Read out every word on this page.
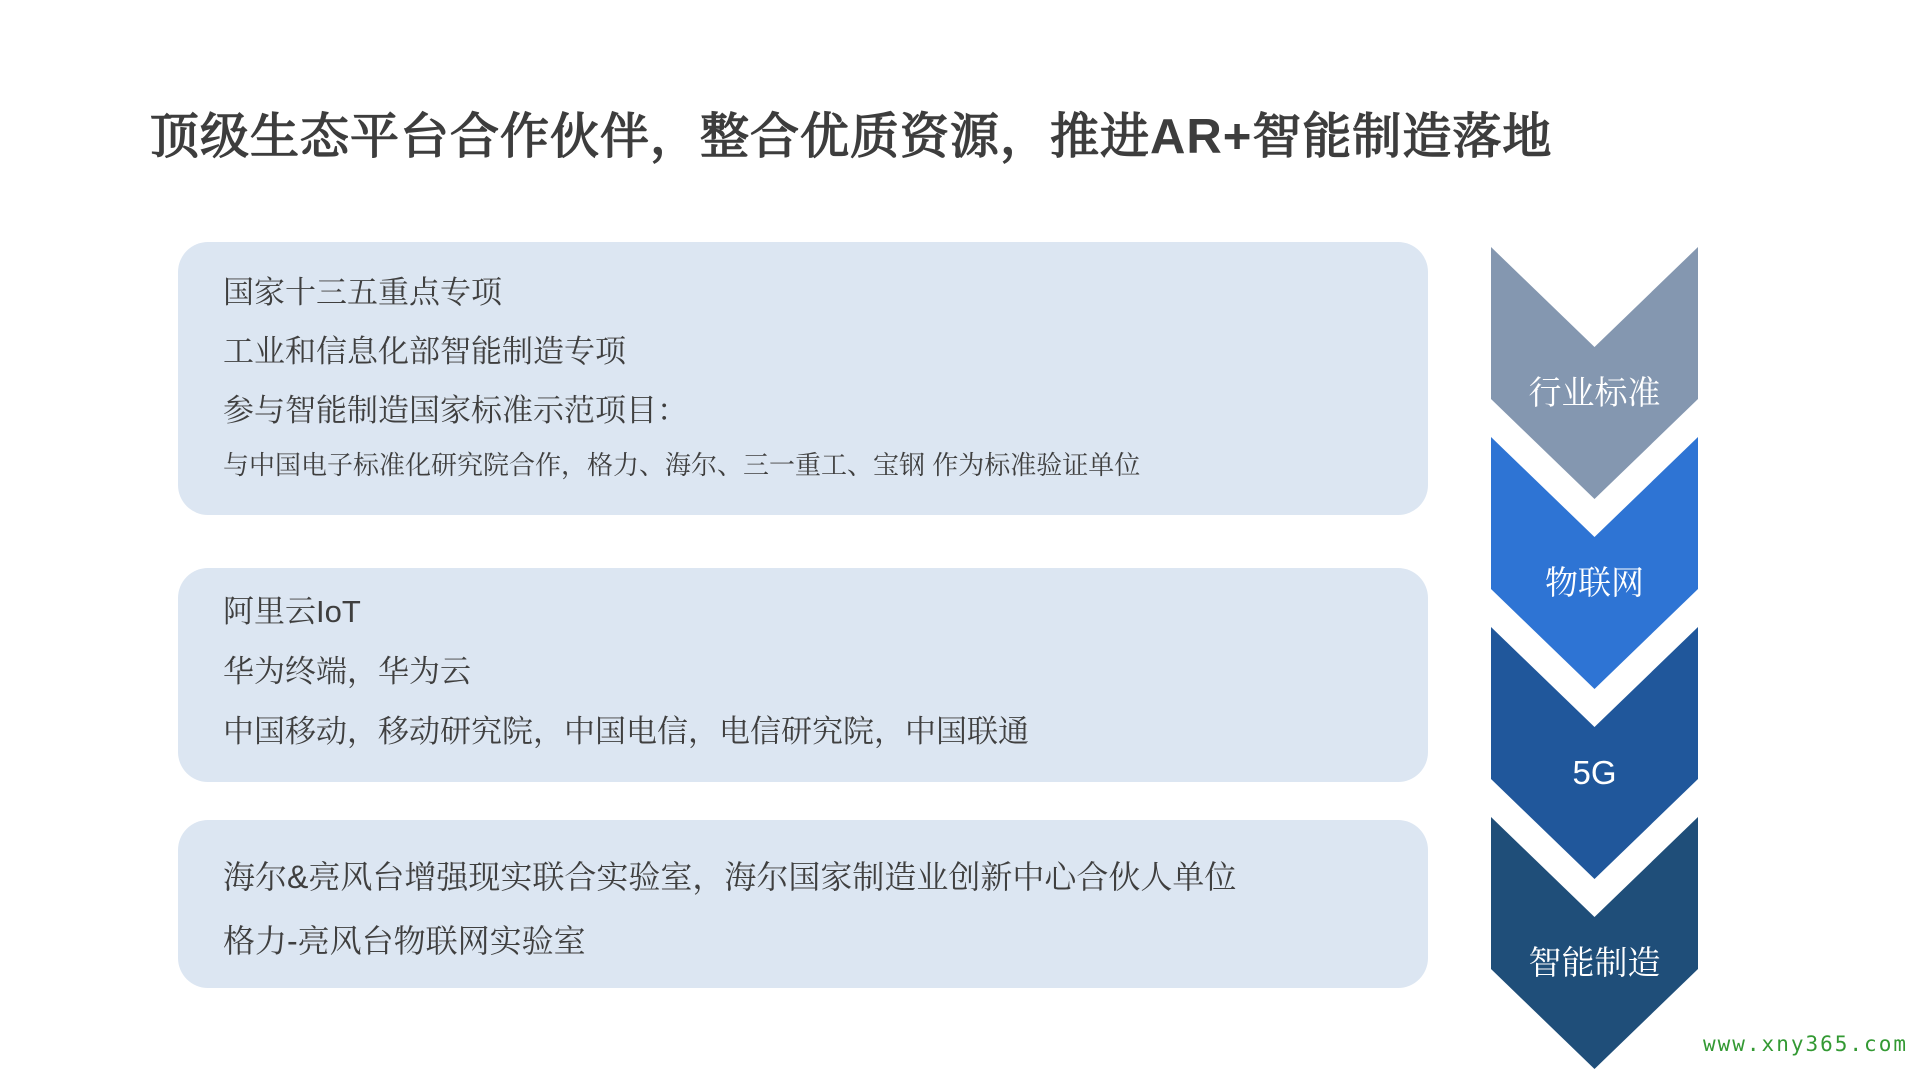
顶级生态平台合作伙伴，整合优质资源，推进AR+智能制造落地
国家十三五重点专项
工业和信息化部智能制造专项
参与智能制造国家标准示范项目：
与中国电子标准化研究院合作，格力、海尔、三一重工、宝钢 作为标准验证单位
阿里云IoT
华为终端，华为云
中国移动，移动研究院，中国电信，电信研究院，中国联通
海尔&亮风台增强现实联合实验室，海尔国家制造业创新中心合伙人单位
格力-亮风台物联网实验室
行业标准
物联网
5G
智能制造
www.xny365.com
